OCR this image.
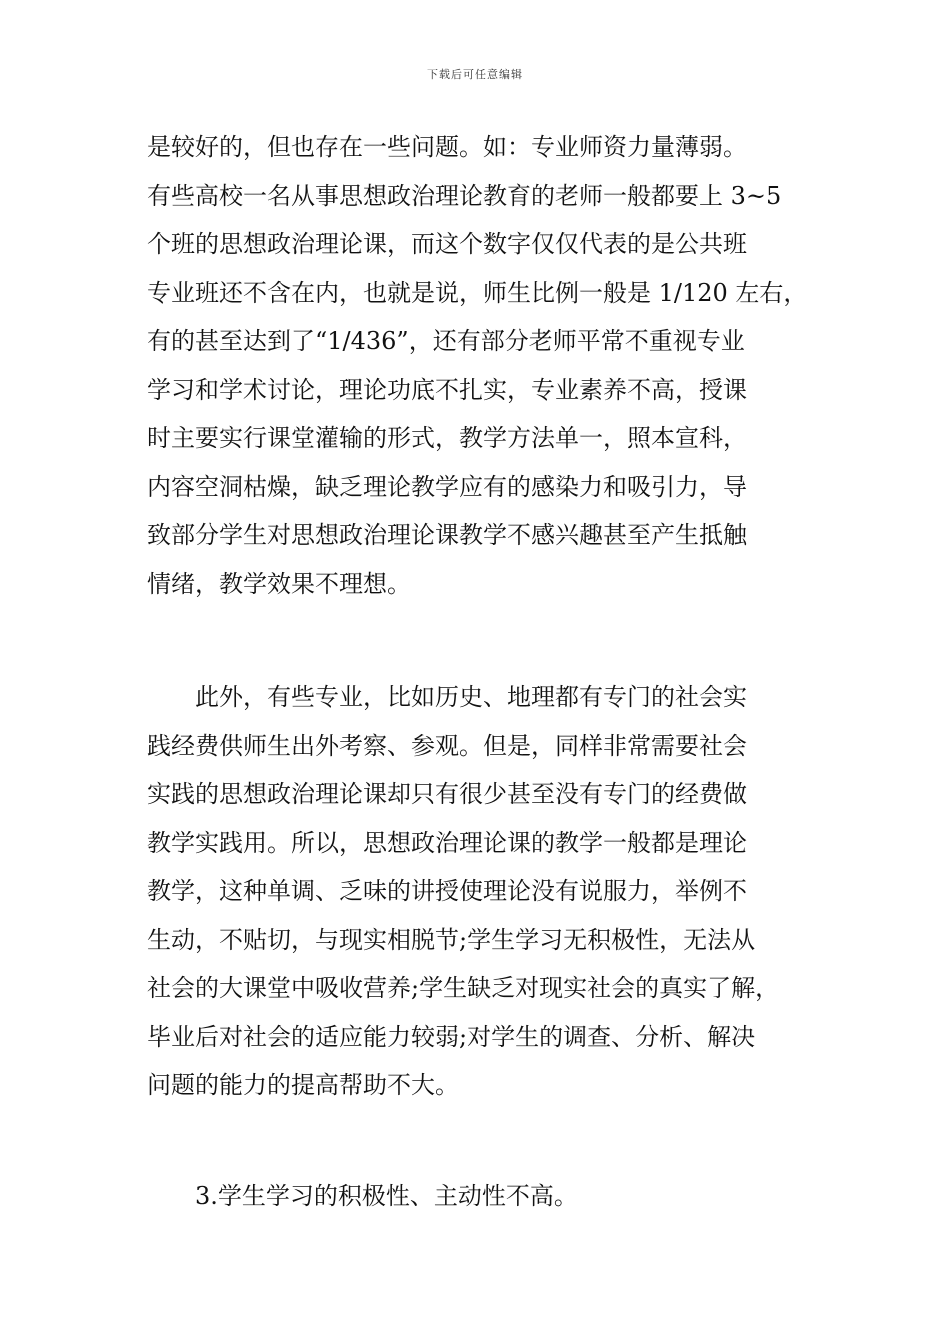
下载后可任意编辑
是较好的，但也存在一些问题。如：专业师资力量薄弱。
有些高校一名从事思想政治理论教育的老师一般都要上 3~5
个班的思想政治理论课，而这个数字仅仅代表的是公共班
专业班还不含在内，也就是说，师生比例一般是 1/120 左右，
有的甚至达到了“1/436”，还有部分老师平常不重视专业
学习和学术讨论，理论功底不扎实，专业素养不高，授课
时主要实行课堂灌输的形式，教学方法单一，照本宣科，
内容空洞枯燥，缺乏理论教学应有的感染力和吸引力，导
致部分学生对思想政治理论课教学不感兴趣甚至产生抵触
情绪，教学效果不理想。
此外，有些专业，比如历史、地理都有专门的社会实
践经费供师生出外考察、参观。但是，同样非常需要社会
实践的思想政治理论课却只有很少甚至没有专门的经费做
教学实践用。所以，思想政治理论课的教学一般都是理论
教学，这种单调、乏味的讲授使理论没有说服力，举例不
生动，不贴切，与现实相脱节;学生学习无积极性，无法从
社会的大课堂中吸收营养;学生缺乏对现实社会的真实了解，
毕业后对社会的适应能力较弱;对学生的调查、分析、解决
问题的能力的提高帮助不大。
3.学生学习的积极性、主动性不高。
